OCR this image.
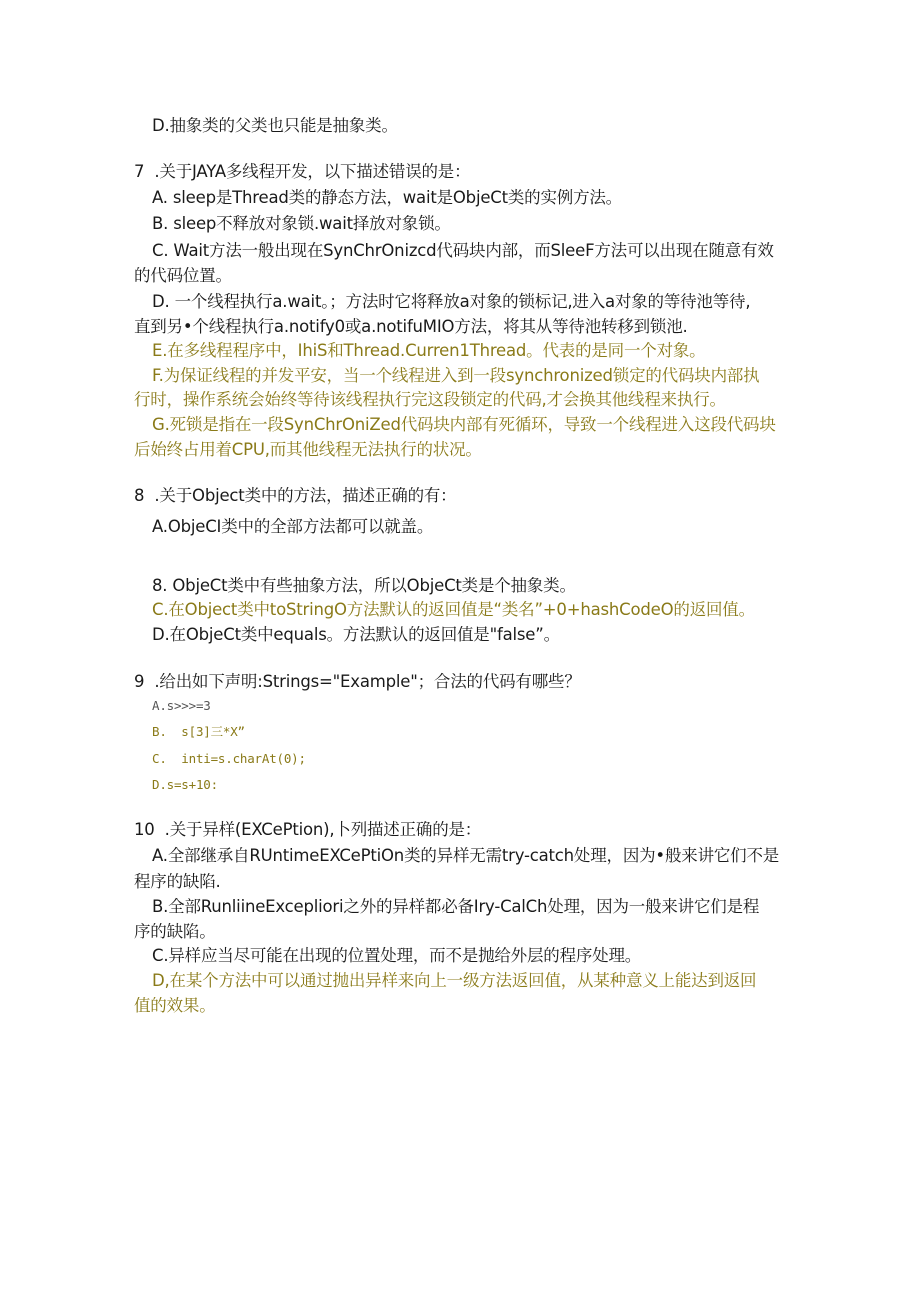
D.抽象类的父类也只能是抽象类。
7  .关于JAYA多线程开发，以下描述错误的是：
A. sleep是Thread类的静态方法，wait是ObjeCt类的实例方法。
B. sleep不释放对象锁.wait择放对象锁。
C. Wait方法一般出现在SynChrOnizcd代码块内部，而SleeF方法可以出现在随意有效
的代码位置。
D. 一个线程执行a.wait。；方法时它将释放a对象的锁标记,进入a对象的等待池等待,
直到另•个线程执行a.notify0或a.notifuMIO方法，将其从等待池转移到锁池.
E.在多线程程序中，IhiS和Thread.Curren1Thread。代表的是同一个对象。
F.为保证线程的并发平安，当一个线程进入到一段synchronized锁定的代码块内部执
行时，操作系统会始终等待该线程执行完这段锁定的代码,才会换其他线程来执行。
G.死锁是指在一段SynChrOniZed代码块内部有死循环，导致一个线程进入这段代码块
后始终占用着CPU,而其他线程无法执行的状况。
8  .关于Object类中的方法，描述正确的有：
A.ObjeCI类中的全部方法都可以就盖。
8. ObjeCt类中有些抽象方法，所以ObjeCt类是个抽象类。
C.在Object类中toStringO方法默认的返回值是“类名”+0+hashCodeO的返回值。
D.在ObjeCt类中equals。方法默认的返回值是"false”。
9  .给出如下声明:Strings="Example"；合法的代码有哪些？
A.s>>>=3
B.  s[3]三*X”
C.  inti=s.charAt(0);
D.s=s+10:
10  .关于异样(EXCePtion),卜列描述正确的是：
A.全部继承自RUntimeEXCePtiOn类的异样无需try-catch处理，因为•般来讲它们不是
程序的缺陷.
B.全部RunliineExcepliori之外的异样都必备Iry-CalCh处理，因为一般来讲它们是程
序的缺陷。
C.异样应当尽可能在出现的位置处理，而不是抛给外层的程序处理。
D,在某个方法中可以通过抛出异样来向上一级方法返回值，从某种意义上能达到返回
值的效果。
